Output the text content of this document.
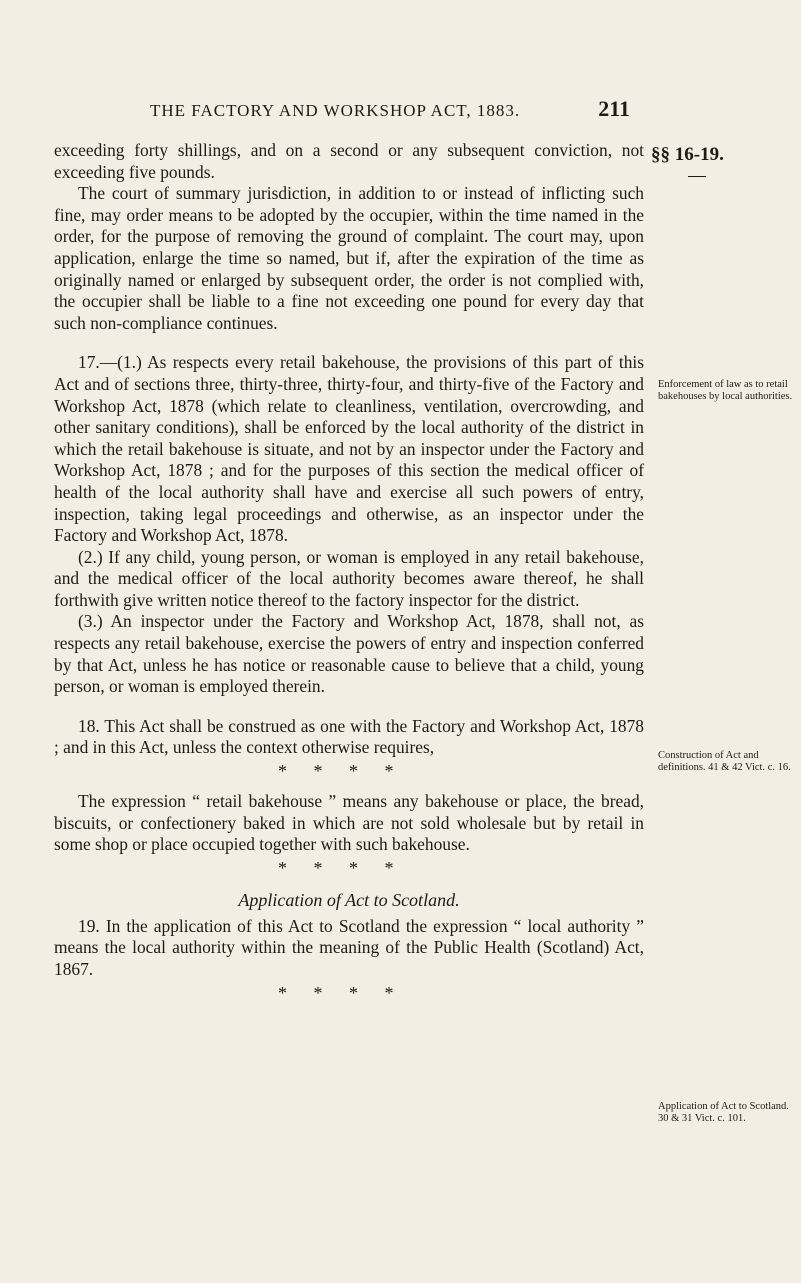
THE FACTORY AND WORKSHOP ACT, 1883.	211
§§ 16-19.
Enforcement of law as to retail bakehouses by local authorities.
Construction of Act and definitions. 41 & 42 Vict. c. 16.
Application of Act to Scotland. 30 & 31 Vict. c. 101.

exceeding forty shillings, and on a second or any subsequent conviction, not exceeding five pounds.

The court of summary jurisdiction, in addition to or instead of inflicting such fine, may order means to be adopted by the occupier, within the time named in the order, for the purpose of removing the ground of complaint. The court may, upon application, enlarge the time so named, but if, after the expiration of the time as originally named or enlarged by subsequent order, the order is not complied with, the occupier shall be liable to a fine not exceeding one pound for every day that such non-compliance continues.

17.—(1.) As respects every retail bakehouse, the provisions of this part of this Act and of sections three, thirty-three, thirty-four, and thirty-five of the Factory and Workshop Act, 1878 (which relate to cleanliness, ventilation, overcrowding, and other sanitary conditions), shall be enforced by the local authority of the district in which the retail bakehouse is situate, and not by an inspector under the Factory and Workshop Act, 1878 ; and for the purposes of this section the medical officer of health of the local authority shall have and exercise all such powers of entry, inspection, taking legal proceedings and otherwise, as an inspector under the Factory and Workshop Act, 1878.

(2.) If any child, young person, or woman is employed in any retail bakehouse, and the medical officer of the local authority becomes aware thereof, he shall forthwith give written notice thereof to the factory inspector for the district.

(3.) An inspector under the Factory and Workshop Act, 1878, shall not, as respects any retail bakehouse, exercise the powers of entry and inspection conferred by that Act, unless he has notice or reasonable cause to believe that a child, young person, or woman is employed therein.

18. This Act shall be construed as one with the Factory and Workshop Act, 1878 ; and in this Act, unless the context otherwise requires,

* * * *

The expression “ retail bakehouse ” means any bakehouse or place, the bread, biscuits, or confectionery baked in which are not sold wholesale but by retail in some shop or place occupied together with such bakehouse.

* * * *
Application of Act to Scotland.

19. In the application of this Act to Scotland the expression “ local authority ” means the local authority within the meaning of the Public Health (Scotland) Act, 1867.

* * * *
